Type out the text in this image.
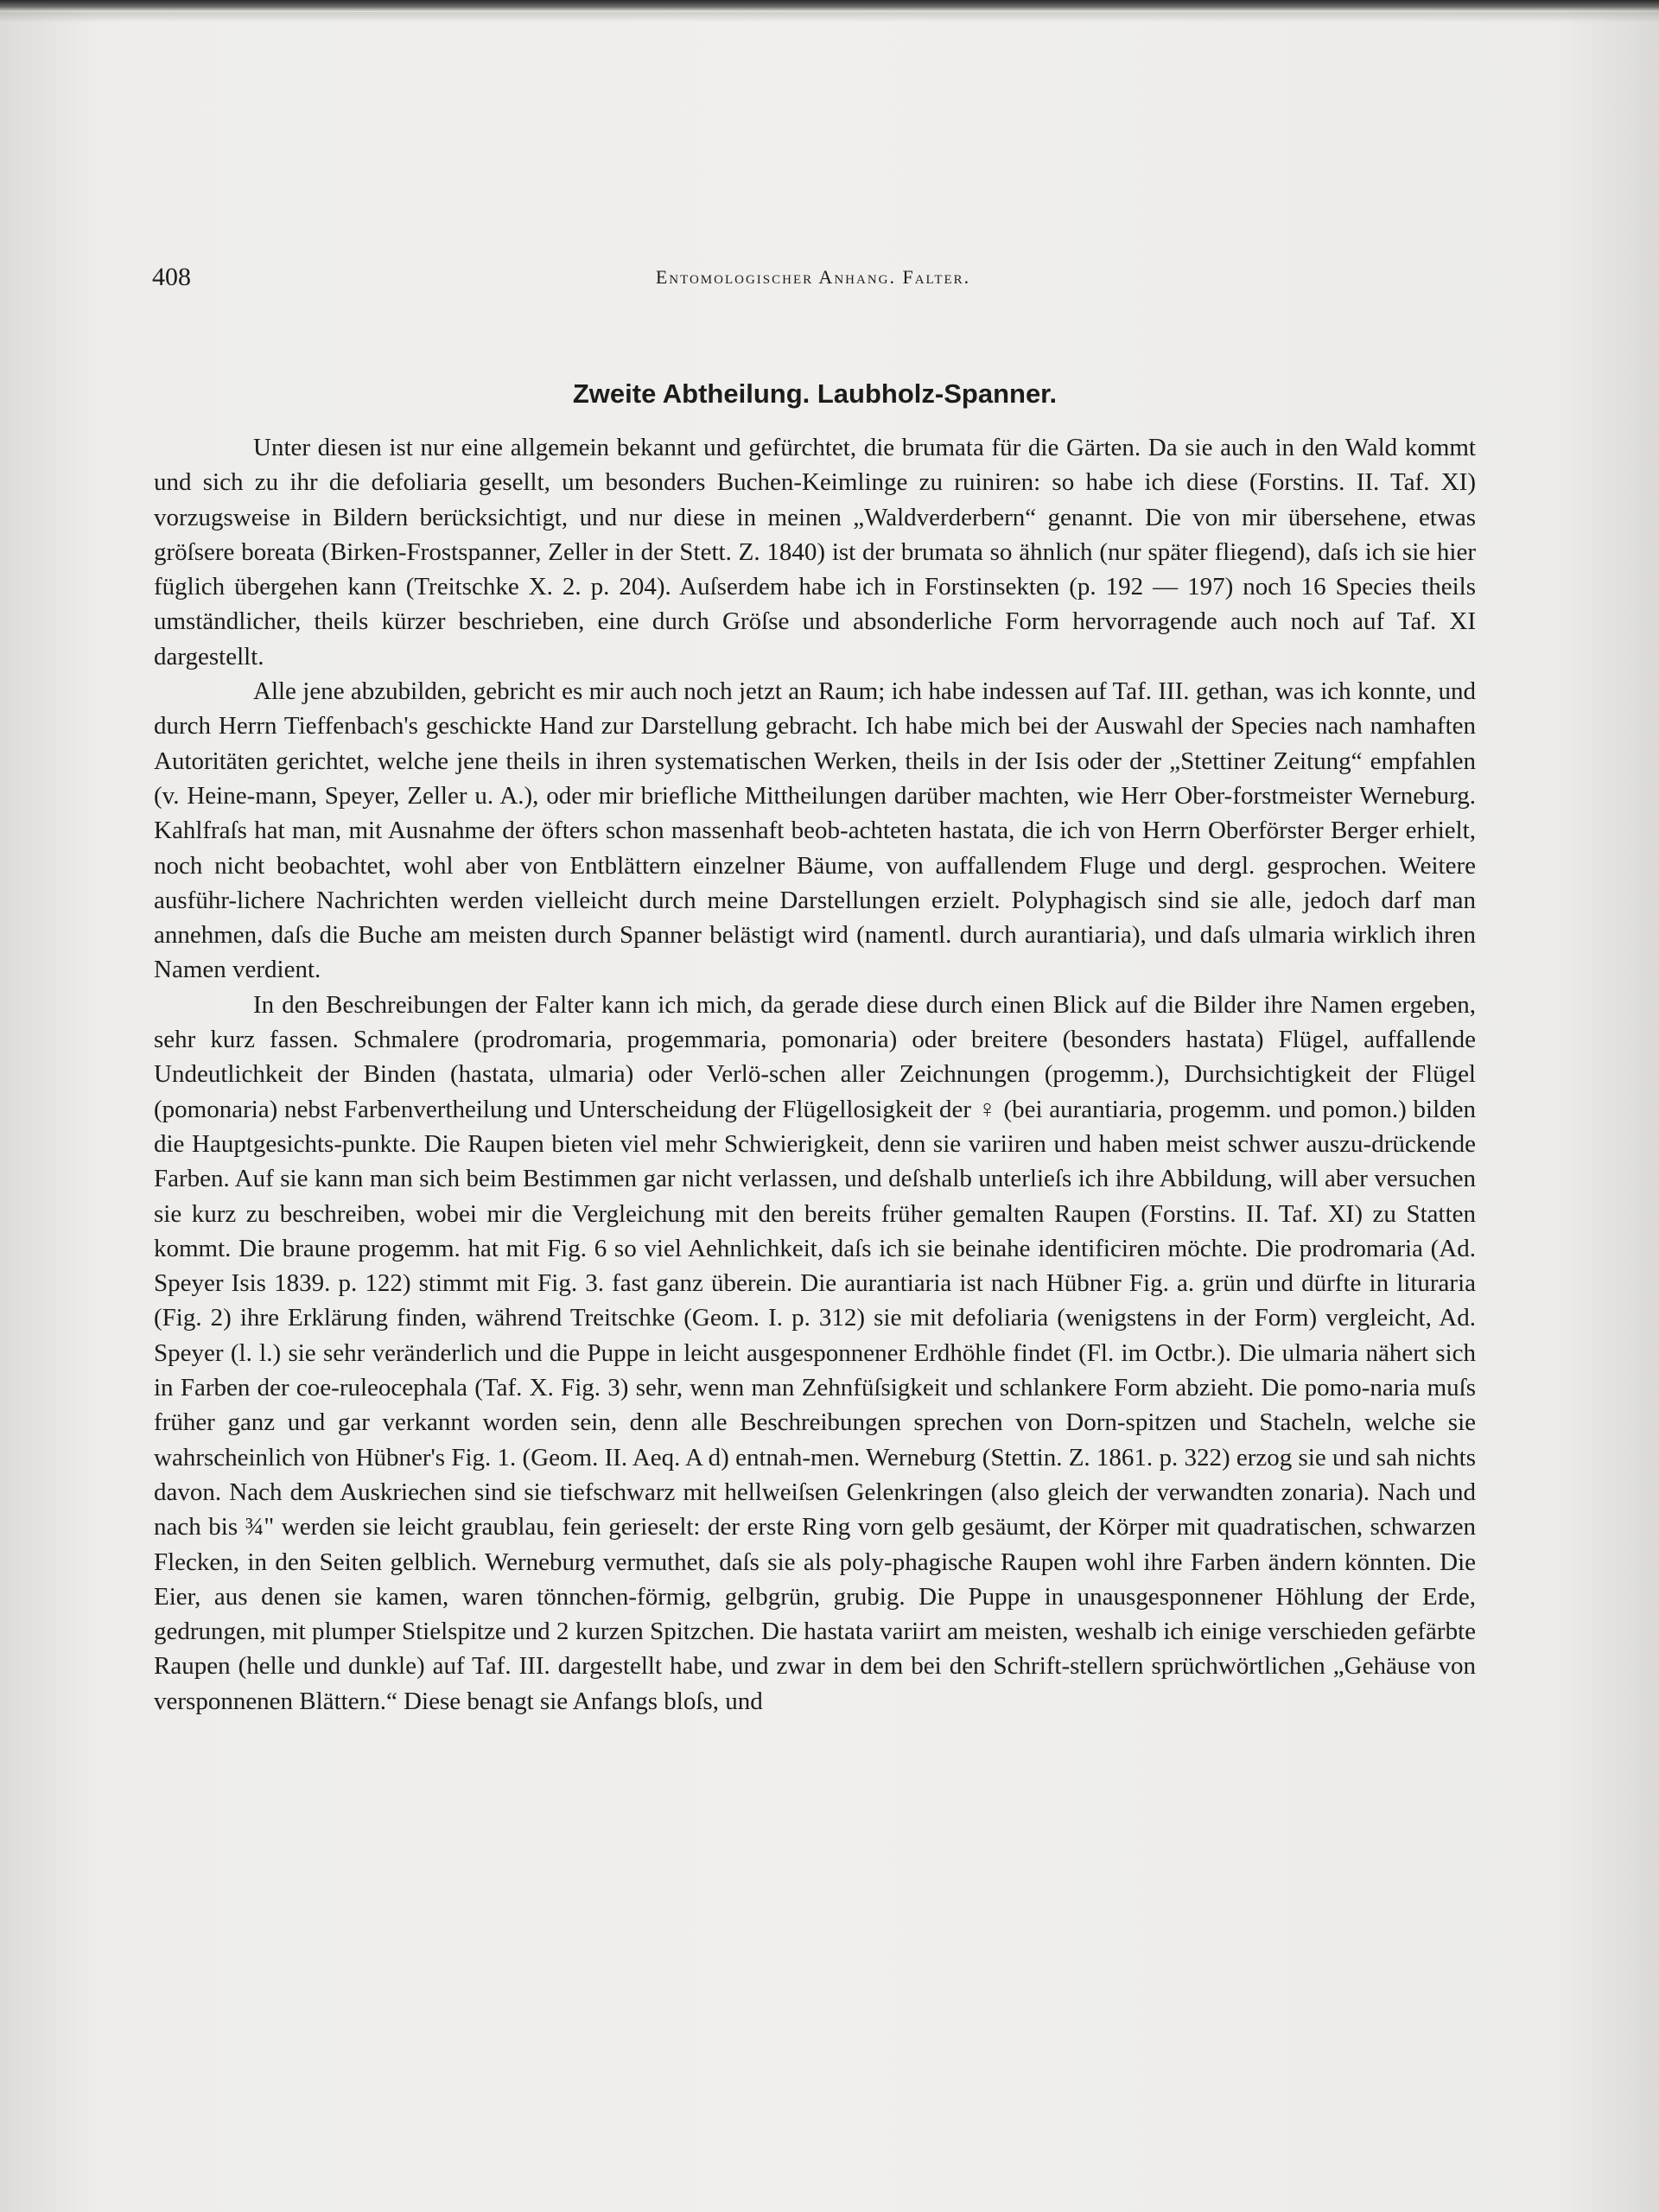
408	Entomologischer Anhang. Falter.
Zweite Abtheilung. Laubholz-Spanner.

Unter diesen ist nur eine allgemein bekannt und gefürchtet, die brumata für die Gärten. Da sie auch in den Wald kommt und sich zu ihr die defoliaria gesellt, um besonders Buchen-Keimlinge zu ruiniren: so habe ich diese (Forstins. II. Taf. XI) vorzugsweise in Bildern berücksichtigt, und nur diese in meinen „Waldverderbern“ genannt. Die von mir übersehene, etwas gröſsere boreata (Birken-Frostspanner, Zeller in der Stett. Z. 1840) ist der brumata so ähnlich (nur später fliegend), daſs ich sie hier füglich übergehen kann (Treitschke X. 2. p. 204). Auſserdem habe ich in Forstinsekten (p. 192 — 197) noch 16 Species theils umständlicher, theils kürzer beschrieben, eine durch Gröſse und absonderliche Form hervorragende auch noch auf Taf. XI dargestellt.

Alle jene abzubilden, gebricht es mir auch noch jetzt an Raum; ich habe indessen auf Taf. III. gethan, was ich konnte, und durch Herrn Tieffenbach's geschickte Hand zur Darstellung gebracht. Ich habe mich bei der Auswahl der Species nach namhaften Autoritäten gerichtet, welche jene theils in ihren systematischen Werken, theils in der Isis oder der „Stettiner Zeitung“ empfahlen (v. Heine-mann, Speyer, Zeller u. A.), oder mir briefliche Mittheilungen darüber machten, wie Herr Ober-forstmeister Werneburg. Kahlfraſs hat man, mit Ausnahme der öfters schon massenhaft beob-achteten hastata, die ich von Herrn Oberförster Berger erhielt, noch nicht beobachtet, wohl aber von Entblättern einzelner Bäume, von auffallendem Fluge und dergl. gesprochen. Weitere ausführ-lichere Nachrichten werden vielleicht durch meine Darstellungen erzielt. Polyphagisch sind sie alle, jedoch darf man annehmen, daſs die Buche am meisten durch Spanner belästigt wird (namentl. durch aurantiaria), und daſs ulmaria wirklich ihren Namen verdient.

In den Beschreibungen der Falter kann ich mich, da gerade diese durch einen Blick auf die Bilder ihre Namen ergeben, sehr kurz fassen. Schmalere (prodromaria, progemmaria, pomonaria) oder breitere (besonders hastata) Flügel, auffallende Undeutlichkeit der Binden (hastata, ulmaria) oder Verlö-schen aller Zeichnungen (progemm.), Durchsichtigkeit der Flügel (pomonaria) nebst Farbenvertheilung und Unterscheidung der Flügellosigkeit der ♀ (bei aurantiaria, progemm. und pomon.) bilden die Hauptgesichts-punkte. Die Raupen bieten viel mehr Schwierigkeit, denn sie variiren und haben meist schwer auszu-drückende Farben. Auf sie kann man sich beim Bestimmen gar nicht verlassen, und deſshalb unterlieſs ich ihre Abbildung, will aber versuchen sie kurz zu beschreiben, wobei mir die Vergleichung mit den bereits früher gemalten Raupen (Forstins. II. Taf. XI) zu Statten kommt. Die braune progemm. hat mit Fig. 6 so viel Aehnlichkeit, daſs ich sie beinahe identificiren möchte. Die prodromaria (Ad. Speyer Isis 1839. p. 122) stimmt mit Fig. 3. fast ganz überein. Die aurantiaria ist nach Hübner Fig. a. grün und dürfte in lituraria (Fig. 2) ihre Erklärung finden, während Treitschke (Geom. I. p. 312) sie mit defoliaria (wenigstens in der Form) vergleicht, Ad. Speyer (l. l.) sie sehr veränderlich und die Puppe in leicht ausgesponnener Erdhöhle findet (Fl. im Octbr.). Die ulmaria nähert sich in Farben der coe-ruleocephala (Taf. X. Fig. 3) sehr, wenn man Zehnfüſsigkeit und schlankere Form abzieht. Die pomo-naria muſs früher ganz und gar verkannt worden sein, denn alle Beschreibungen sprechen von Dorn-spitzen und Stacheln, welche sie wahrscheinlich von Hübner's Fig. 1. (Geom. II. Aeq. A d) entnah-men. Werneburg (Stettin. Z. 1861. p. 322) erzog sie und sah nichts davon. Nach dem Auskriechen sind sie tiefschwarz mit hellweiſsen Gelenkringen (also gleich der verwandten zonaria). Nach und nach bis ¾" werden sie leicht graublau, fein gerieselt: der erste Ring vorn gelb gesäumt, der Körper mit quadratischen, schwarzen Flecken, in den Seiten gelblich. Werneburg vermuthet, daſs sie als poly-phagische Raupen wohl ihre Farben ändern könnten. Die Eier, aus denen sie kamen, waren tönnchen-förmig, gelbgrün, grubig. Die Puppe in unausgesponnener Höhlung der Erde, gedrungen, mit plumper Stielspitze und 2 kurzen Spitzchen. Die hastata variirt am meisten, weshalb ich einige verschieden gefärbte Raupen (helle und dunkle) auf Taf. III. dargestellt habe, und zwar in dem bei den Schrift-stellern sprüchwörtlichen „Gehäuse von versponnenen Blättern.“ Diese benagt sie Anfangs bloſs, und
